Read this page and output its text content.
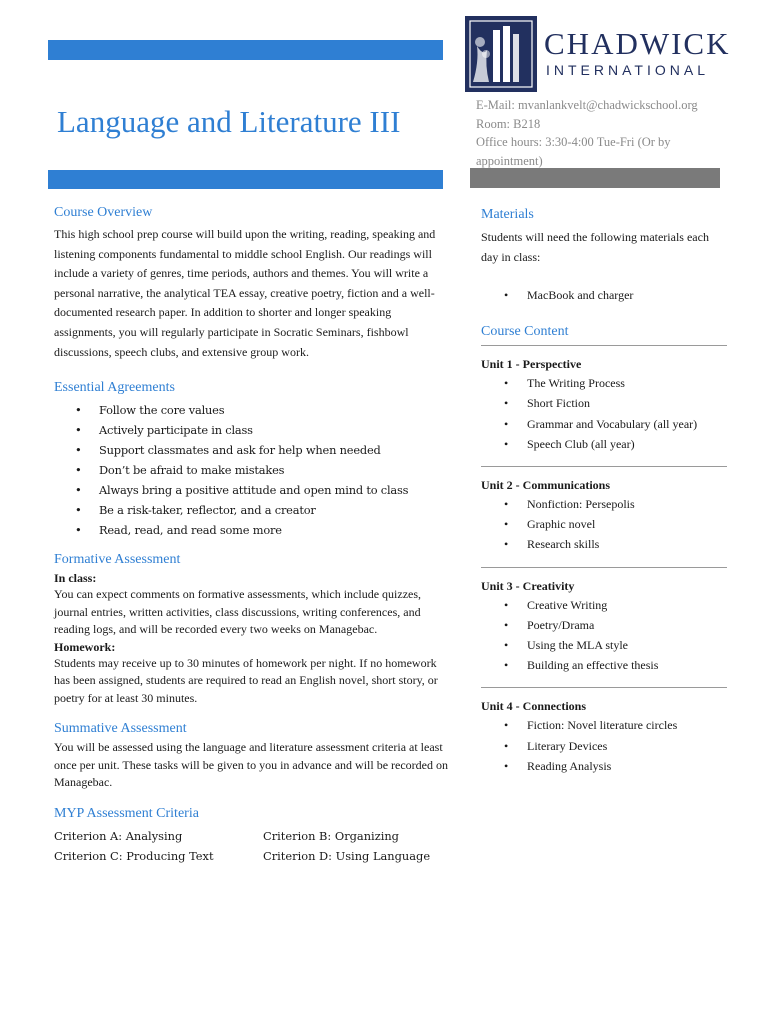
Language and Literature III
CHADWICK
INTERNATIONAL
E-Mail: mvanlankvelt@chadwickschool.org
Room: B218
Office hours: 3:30-4:00 Tue-Fri (Or by appointment)
Course Overview

This high school prep course will build upon the writing, reading, speaking and listening components fundamental to middle school English. Our readings will include a variety of genres, time periods, authors and themes. You will write a personal narrative, the analytical TEA essay, creative poetry, fiction and a well-documented research paper. In addition to shorter and longer speaking assignments, you will regularly participate in Socratic Seminars, fishbowl discussions, speech clubs, and extensive group work.

Essential Agreements
• Follow the core values
• Actively participate in class
• Support classmates and ask for help when needed
• Don’t be afraid to make mistakes
• Always bring a positive attitude and open mind to class
• Be a risk-taker, reflector, and a creator
• Read, read, and read some more
Formative Assessment
In class:

You can expect comments on formative assessments, which include quizzes, journal entries, written activities, class discussions, writing conferences, and reading logs, and will be recorded every two weeks on Managebac.

Homework:

Students may receive up to 30 minutes of homework per night. If no homework has been assigned, students are required to read an English novel, short story, or poetry for at least 30 minutes.

Summative Assessment

You will be assessed using the language and literature assessment criteria at least once per unit. These tasks will be given to you in advance and will be recorded on Managebac.

MYP Assessment Criteria
Criterion A: Analysing	Criterion B: Organizing
Criterion C: Producing Text	Criterion D: Using Language
Materials

Students will need the following materials each day in class:

• MacBook and charger
Course Content
Unit 1 - Perspective
• The Writing Process
• Short Fiction
• Grammar and Vocabulary (all year)
• Speech Club (all year)
Unit 2 - Communications
• Nonfiction: Persepolis
• Graphic novel
• Research skills
Unit 3 - Creativity
• Creative Writing
• Poetry/Drama
• Using the MLA style
• Building an effective thesis
Unit 4 - Connections
• Fiction: Novel literature circles
• Literary Devices
• Reading Analysis
